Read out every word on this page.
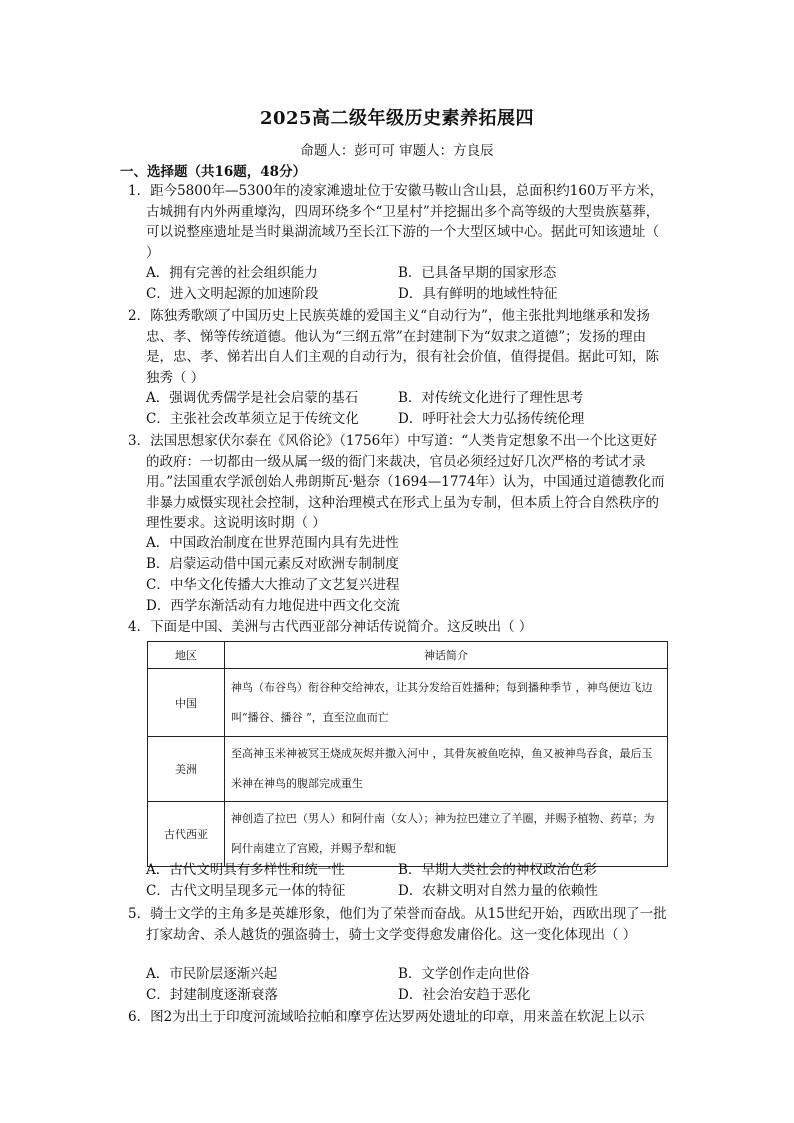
2025高二级年级历史素养拓展四
命题人：彭可可 审题人：方良辰
一、选择题（共16题，48分）
1．距今5800年—5300年的凌家滩遗址位于安徽马鞍山含山县，总面积约160万平方米，古城拥有内外两重壕沟，四周环绕多个“卫星村”并挖掘出多个高等级的大型贵族墓葬，可以说整座遗址是当时巢湖流域乃至长江下游的一个大型区域中心。据此可知该遗址（ ）
A．拥有完善的社会组织能力	B．已具备早期的国家形态
C．进入文明起源的加速阶段	D．具有鲜明的地域性特征
2．陈独秀歌颂了中国历史上民族英雄的爱国主义“自动行为”，他主张批判地继承和发扬忠、孝、悌等传统道德。他认为“三纲五常”在封建制下为“奴隶之道德”；发扬的理由是，忠、孝、悌若出自人们主观的自动行为，很有社会价值，值得提倡。据此可知，陈独秀（ ）
A．强调优秀儒学是社会启蒙的基石	B．对传统文化进行了理性思考
C．主张社会改革须立足于传统文化	D．呼吁社会大力弘扬传统伦理
3．法国思想家伏尔泰在《风俗论》（1756年）中写道：“人类肯定想象不出一个比这更好的政府：一切都由一级从属一级的衙门来裁决，官员必须经过好几次严格的考试才录用。”法国重农学派创始人弗朗斯瓦·魁奈（1694—1774年）认为，中国通过道德教化而非暴力威慑实现社会控制，这种治理模式在形式上虽为专制，但本质上符合自然秩序的理性要求。这说明该时期（ ）
A．中国政治制度在世界范围内具有先进性
B．启蒙运动借中国元素反对欧洲专制制度
C．中华文化传播大大推动了文艺复兴进程
D．西学东渐活动有力地促进中西文化交流
4．下面是中国、美洲与古代西亚部分神话传说简介。这反映出（ ）
地区	神话简介
中国	神鸟（布谷鸟）衔谷种交给神农，让其分发给百姓播种；每到播种季节 ，神鸟便边飞边叫“播谷、播谷 ”，直至泣血而亡
美洲	至高神玉米神被冥王烧成灰烬并撒入河中 ，其骨灰被鱼吃掉，鱼又被神鸟吞食，最后玉米神在神鸟的腹部完成重生
古代西亚	神创造了拉巴（男人）和阿什南（女人）；神为拉巴建立了羊圈，并赐予植物、药草；为阿什南建立了宫殿，并赐予犁和轭
A．古代文明具有多样性和统一性	B．早期人类社会的神权政治色彩
C．古代文明呈现多元一体的特征	D．农耕文明对自然力量的依赖性
5．骑士文学的主角多是英雄形象，他们为了荣誉而奋战。从15世纪开始，西欧出现了一批打家劫舍、杀人越货的强盗骑士，骑士文学变得愈发庸俗化。这一变化体现出（ ）
A．市民阶层逐渐兴起	B．文学创作走向世俗
C．封建制度逐渐衰落	D．社会治安趋于恶化
6．图2为出土于印度河流域哈拉帕和摩亨佐达罗两处遗址的印章，用来盖在软泥上以示
